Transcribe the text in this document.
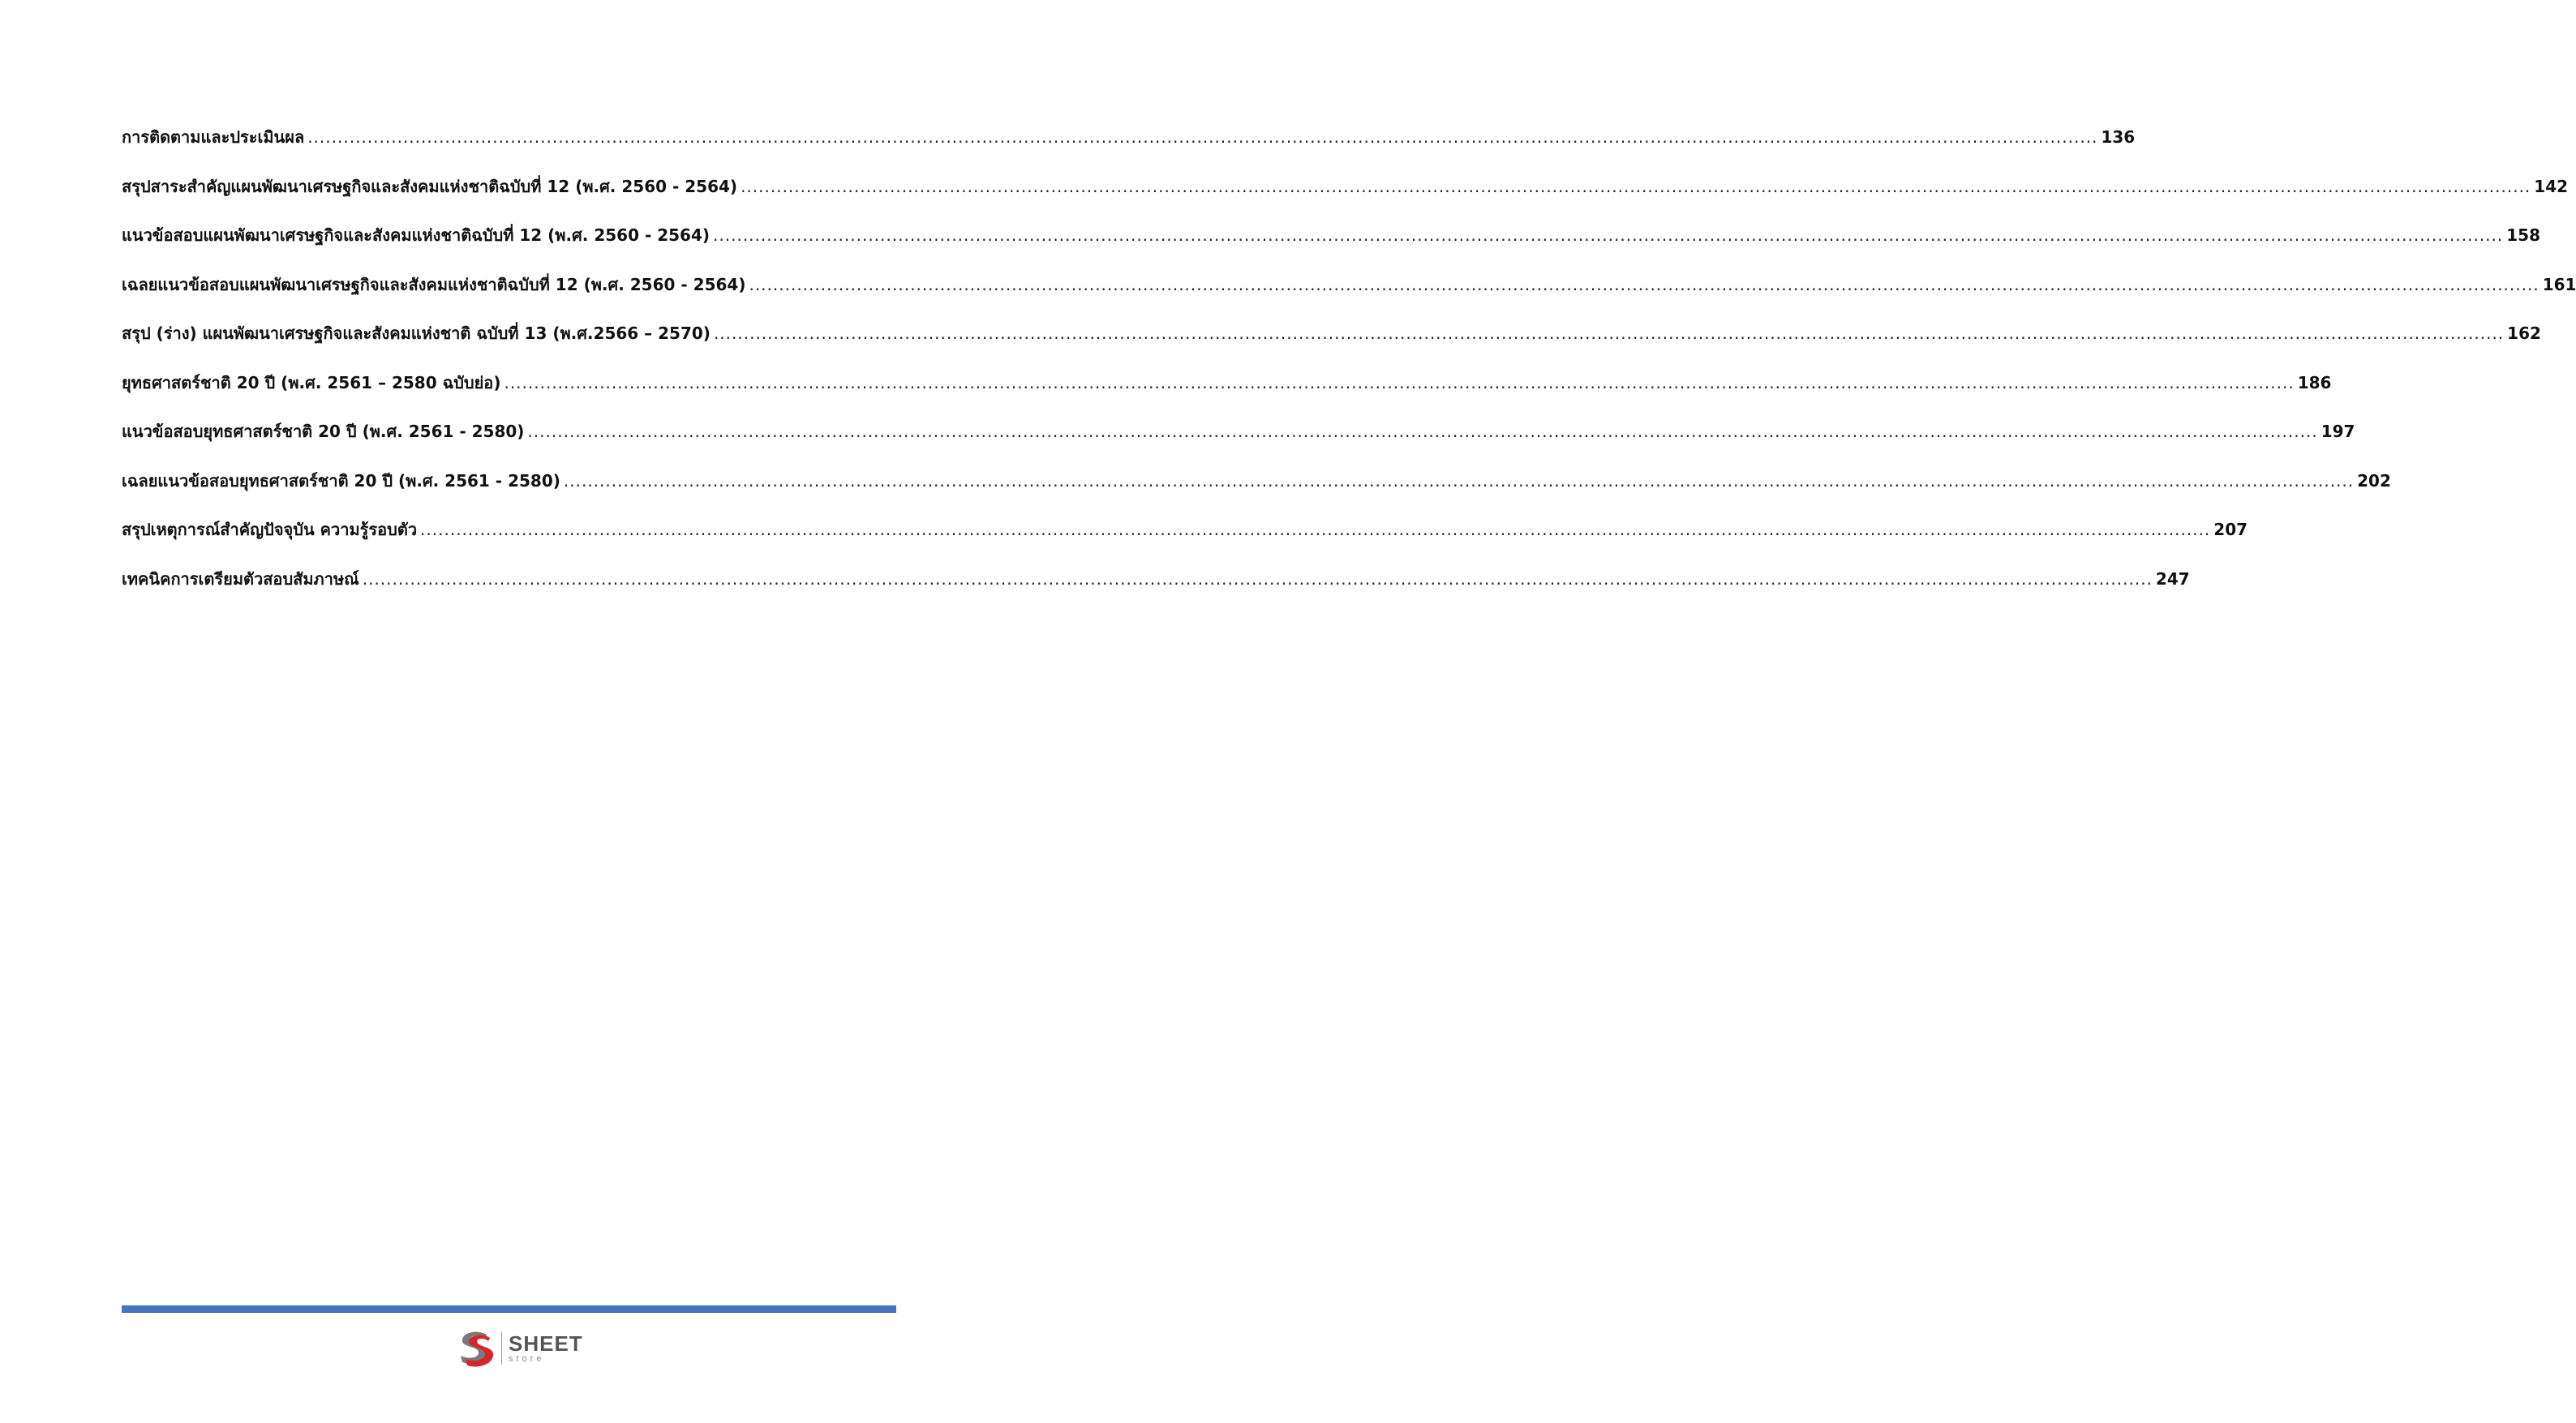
การติดตามและประเมินผล ............................................................................................................................................................................................................................................................................................................ 136
สรุปสาระสำคัญแผนพัฒนาเศรษฐกิจและสังคมแห่งชาติฉบับที่ 12 (พ.ศ. 2560 - 2564) ............................................................................................................................................................................................................................................................................................................ 142
แนวข้อสอบแผนพัฒนาเศรษฐกิจและสังคมแห่งชาติฉบับที่ 12 (พ.ศ. 2560 - 2564) ............................................................................................................................................................................................................................................................................................................ 158
เฉลยแนวข้อสอบแผนพัฒนาเศรษฐกิจและสังคมแห่งชาติฉบับที่ 12 (พ.ศ. 2560 - 2564) ............................................................................................................................................................................................................................................................................................................ 161
สรุป (ร่าง) แผนพัฒนาเศรษฐกิจและสังคมแห่งชาติ ฉบับที่ 13 (พ.ศ.2566 – 2570) ............................................................................................................................................................................................................................................................................................................ 162
ยุทธศาสตร์ชาติ 20 ปี (พ.ศ. 2561 – 2580 ฉบับย่อ) ............................................................................................................................................................................................................................................................................................................ 186
แนวข้อสอบยุทธศาสตร์ชาติ 20 ปี (พ.ศ. 2561 - 2580) ............................................................................................................................................................................................................................................................................................................ 197
เฉลยแนวข้อสอบยุทธศาสตร์ชาติ 20 ปี (พ.ศ. 2561 - 2580) ............................................................................................................................................................................................................................................................................................................ 202
สรุปเหตุการณ์สำคัญปัจจุบัน ความรู้รอบตัว ............................................................................................................................................................................................................................................................................................................ 207
เทคนิคการเตรียมตัวสอบสัมภาษณ์ ............................................................................................................................................................................................................................................................................................................ 247
SHEET
store
